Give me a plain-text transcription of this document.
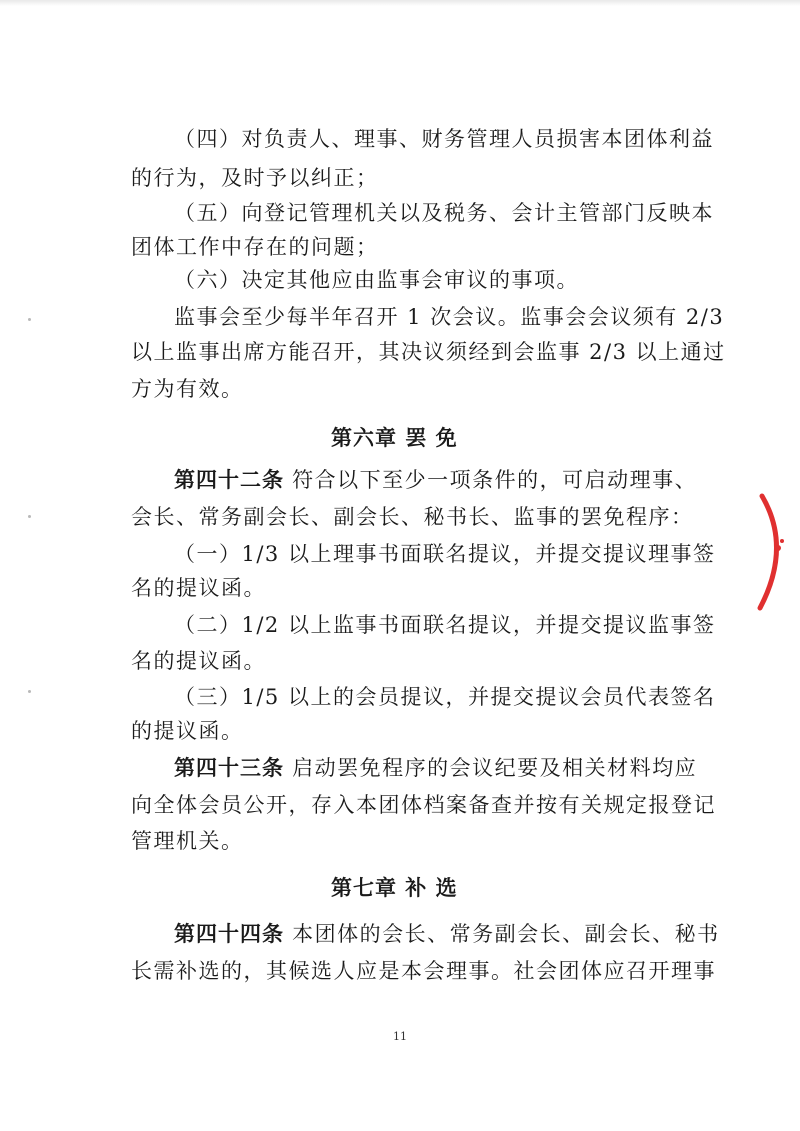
（四）对负责人、理事、财务管理人员损害本团体利益
的行为，及时予以纠正；
（五）向登记管理机关以及税务、会计主管部门反映本
团体工作中存在的问题；
（六）决定其他应由监事会审议的事项。
监事会至少每半年召开 1 次会议。监事会会议须有 2/3
以上监事出席方能召开，其决议须经到会监事 2/3 以上通过
方为有效。
第六章 罢 免
第四十二条 符合以下至少一项条件的，可启动理事、
会长、常务副会长、副会长、秘书长、监事的罢免程序：
（一）1/3 以上理事书面联名提议，并提交提议理事签
名的提议函。
（二）1/2 以上监事书面联名提议，并提交提议监事签
名的提议函。
（三）1/5 以上的会员提议，并提交提议会员代表签名
的提议函。
第四十三条 启动罢免程序的会议纪要及相关材料均应
向全体会员公开，存入本团体档案备查并按有关规定报登记
管理机关。
第七章 补 选
第四十四条 本团体的会长、常务副会长、副会长、秘书
长需补选的，其候选人应是本会理事。社会团体应召开理事
11
